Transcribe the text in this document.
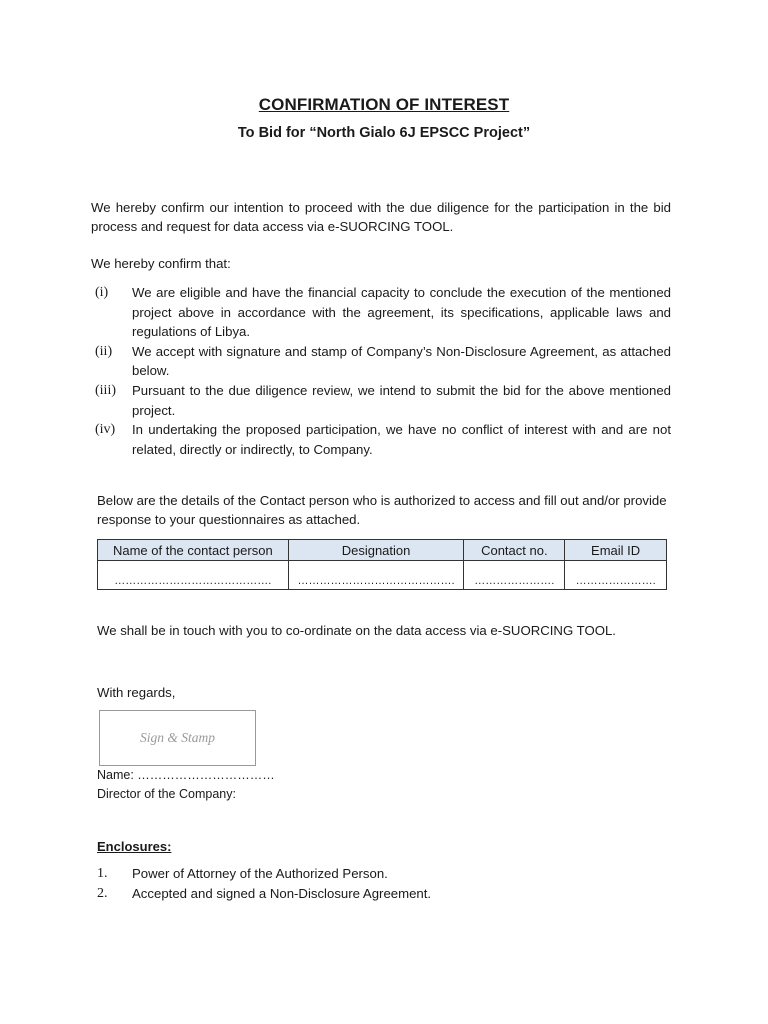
CONFIRMATION OF INTEREST
To Bid for “North Gialo 6J EPSCC Project”
We hereby confirm our intention to proceed with the due diligence for the participation in the bid process and request for data access via e-SUORCING TOOL.
We hereby confirm that:
(i)	We are eligible and have the financial capacity to conclude the execution of the mentioned project above in accordance with the agreement, its specifications, applicable laws and regulations of Libya.
(ii)	We accept with signature and stamp of Company’s Non-Disclosure Agreement, as attached below.
(iii)	Pursuant to the due diligence review, we intend to submit the bid for the above mentioned project.
(iv)	In undertaking the proposed participation, we have no conflict of interest with and are not related, directly or indirectly, to Company.
Below are the details of the Contact person who is authorized to access and fill out and/or provide response to your questionnaires as attached.
Name of the contact person	Designation	Contact no.	Email ID
…………………………………….	…………………………………….	………………….	………………….
We shall be in touch with you to co-ordinate on the data access via e-SUORCING TOOL.
With regards,
Sign & Stamp
Name: ……………………………
Director of the Company:
Enclosures:
1.	Power of Attorney of the Authorized Person.
2.	Accepted and signed a Non-Disclosure Agreement.
